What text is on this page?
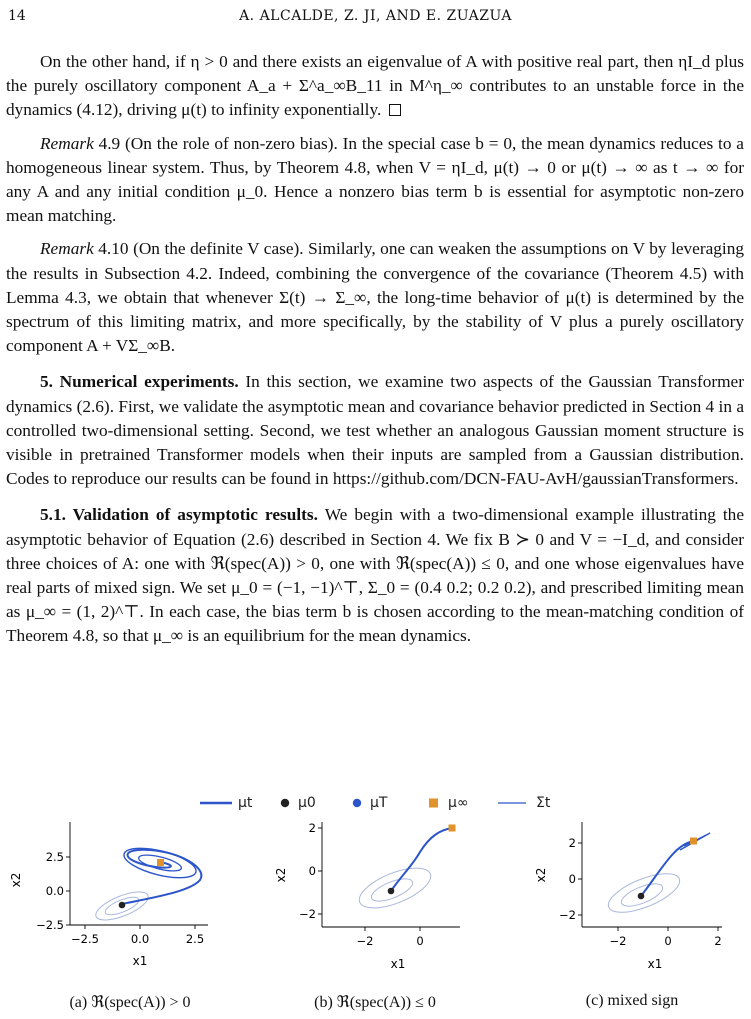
14	A. ALCALDE, Z. JI, AND E. ZUAZUA

On the other hand, if η > 0 and there exists an eigenvalue of A with positive real part, then ηI_d plus the purely oscillatory component A_a + Σ^a_∞B_11 in M^η_∞ contributes to an unstable force in the dynamics (4.12), driving μ(t) to infinity exponentially.

Remark 4.9 (On the role of non-zero bias). In the special case b = 0, the mean dynamics reduces to a homogeneous linear system. Thus, by Theorem 4.8, when V = ηI_d, μ(t) → 0 or μ(t) → ∞ as t → ∞ for any A and any initial condition μ_0. Hence a nonzero bias term b is essential for asymptotic non-zero mean matching.

Remark 4.10 (On the definite V case). Similarly, one can weaken the assumptions on V by leveraging the results in Subsection 4.2. Indeed, combining the convergence of the covariance (Theorem 4.5) with Lemma 4.3, we obtain that whenever Σ(t) → Σ_∞, the long-time behavior of μ(t) is determined by the spectrum of this limiting matrix, and more specifically, by the stability of V plus a purely oscillatory component A + VΣ_∞B.

5. Numerical experiments. In this section, we examine two aspects of the Gaussian Transformer dynamics (2.6). First, we validate the asymptotic mean and covariance behavior predicted in Section 4 in a controlled two-dimensional setting. Second, we test whether an analogous Gaussian moment structure is visible in pretrained Transformer models when their inputs are sampled from a Gaussian distribution. Codes to reproduce our results can be found in https://github.com/DCN-FAU-AvH/gaussianTransformers.

5.1. Validation of asymptotic results. We begin with a two-dimensional example illustrating the asymptotic behavior of Equation (2.6) described in Section 4. We fix B ≻ 0 and V = −I_d, and consider three choices of A: one with ℜ(spec(A)) > 0, one with ℜ(spec(A)) ≤ 0, and one whose eigenvalues have real parts of mixed sign. We set μ_0 = (−1, −1)^⊤, Σ_0 = (0.4 0.2; 0.2 0.2), and prescribed limiting mean as μ_∞ = (1, 2)^⊤. In each case, the bias term b is chosen according to the mean-matching condition of Theorem 4.8, so that μ_∞ is an equilibrium for the mean dynamics.

μt	μ0	μT	μ∞	Σt
−2.5	0.0	2.5
2.5
0.0
−2.5
x1
x2
−2	0
2
0
−2
x1
x2
−2	0	2
2
0
−2
x1
x2
(a) ℜ(spec(A)) > 0	(b) ℜ(spec(A)) ≤ 0	(c) mixed sign
